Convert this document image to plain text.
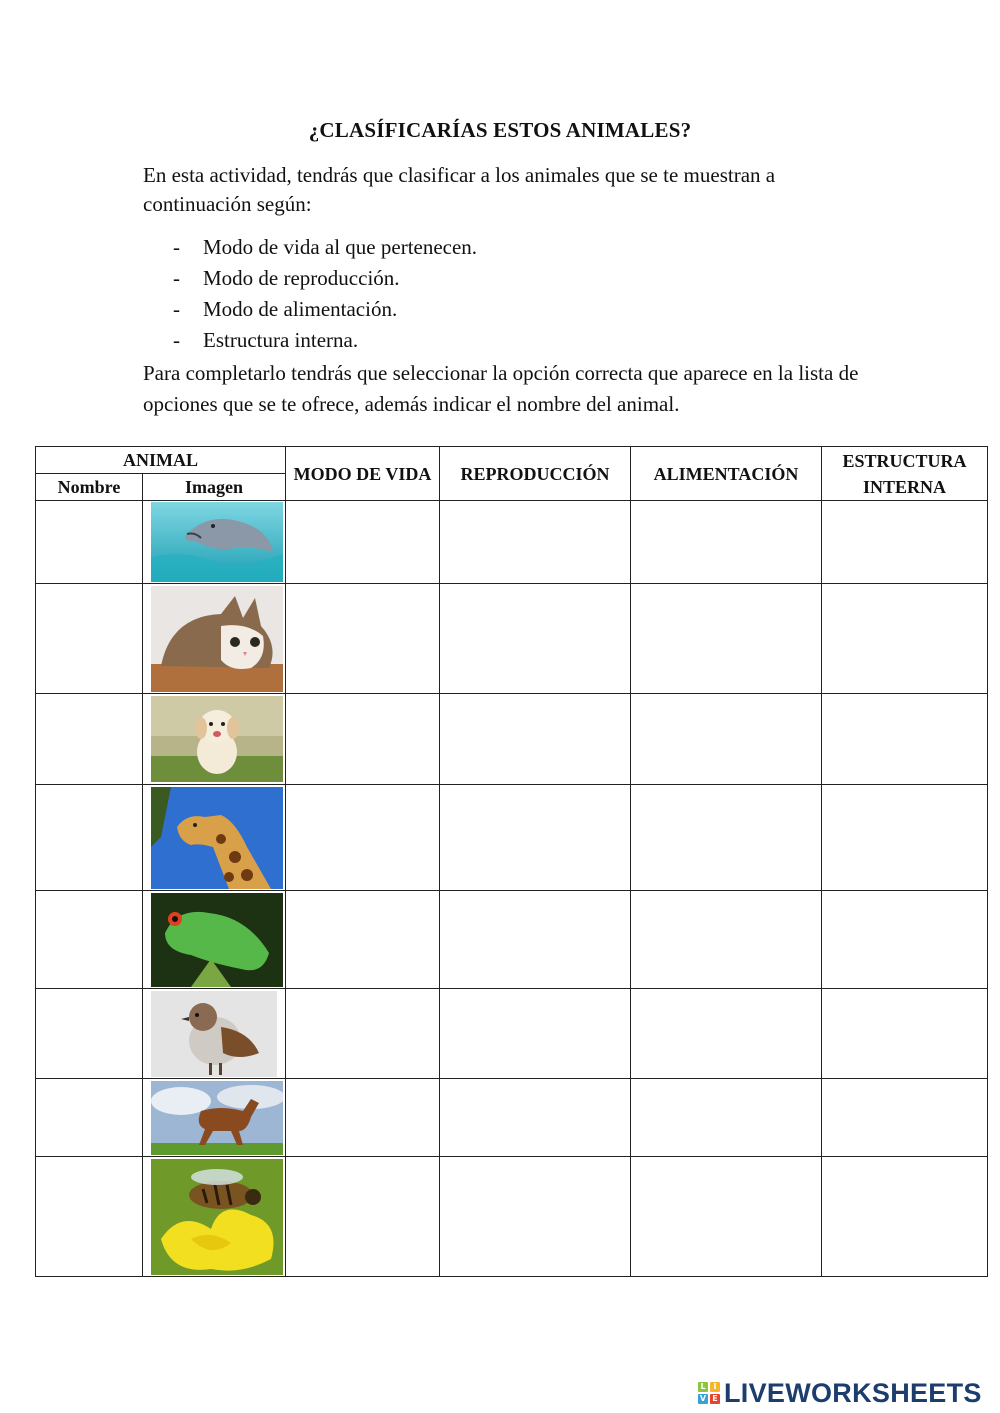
¿CLASÍFICARÍAS ESTOS ANIMALES?

En esta actividad, tendrás que clasificar a los animales que se te muestran a continuación según:

- Modo de vida al que pertenecen.
- Modo de reproducción.
- Modo de alimentación.
- Estructura interna.

Para completarlo tendrás que seleccionar la opción correcta que aparece en la lista de opciones que se te ofrece, además indicar el nombre del animal.

ANIMAL		MODO DE VIDA	REPRODUCCIÓN	ALIMENTACIÓN	ESTRUCTURA INTERNA
Nombre	Imagen				

L I
V E LIVEWORKSHEETS
